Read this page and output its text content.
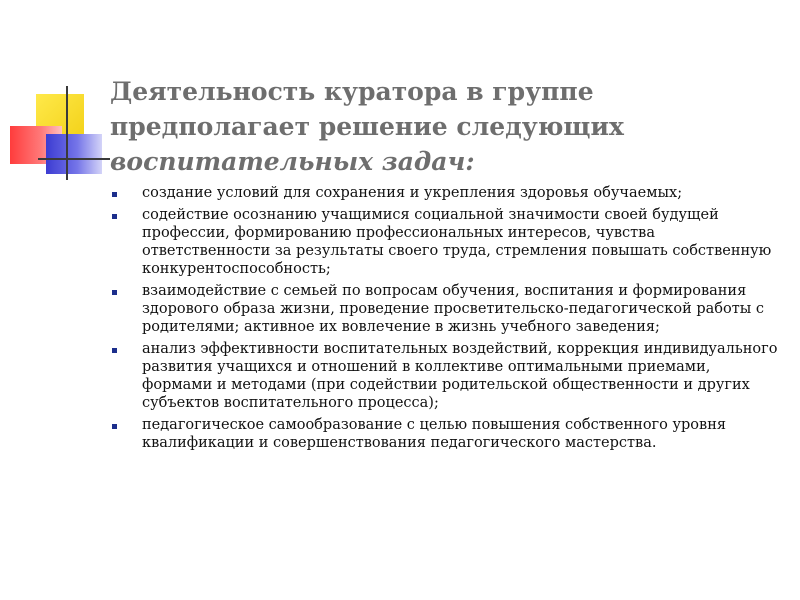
Деятельность куратора в группе предполагает решение следующих воспитательных задач:
создание условий для сохранения и укрепления здоровья обучаемых;
содействие осознанию учащимися социальной значимости своей будущей профессии, формированию профессиональных интересов, чувства ответственности за результаты своего труда, стремления повышать собственную конкурентоспособность;
взаимодействие с семьей по вопросам обучения, воспитания и формирования здорового образа жизни, проведение просветительско-педагогической работы с родителями; активное их вовлечение в жизнь учебного заведения;
анализ эффективности воспитательных воздействий, коррекция индивидуального развития учащихся и отношений в коллективе оптимальными приемами, формами и методами (при содействии родительской общественности и других субъектов воспитательного процесса);
педагогическое самообразование с целью повышения собственного уровня квалификации и совершенствования педагогического мастерства.
